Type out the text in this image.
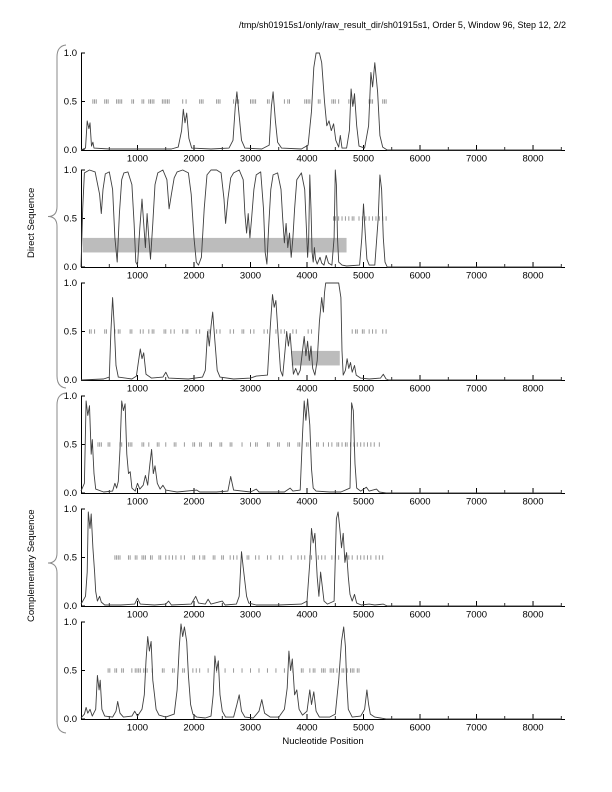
/tmp/sh01915s1/only/raw_result_dir/sh01915s1, Order 5, Window 96, Step 12, 2/2
0.0
0.5
1.0
1000	2000	3000	4000	5000	6000	7000	8000
0.0
0.5
1.0
1000	2000	3000	4000	5000	6000	7000	8000
0.0
0.5
1.0
1000	2000	3000	4000	5000	6000	7000	8000
0.0
0.5
1.0
1000	2000	3000	4000	5000	6000	7000	8000
0.0
0.5
1.0
1000	2000	3000	4000	5000	6000	7000	8000
0.0
0.5
1.0
1000	2000	3000	4000	5000	6000	7000	8000
Direct Sequence
Complementary Sequence
Nucleotide Position
